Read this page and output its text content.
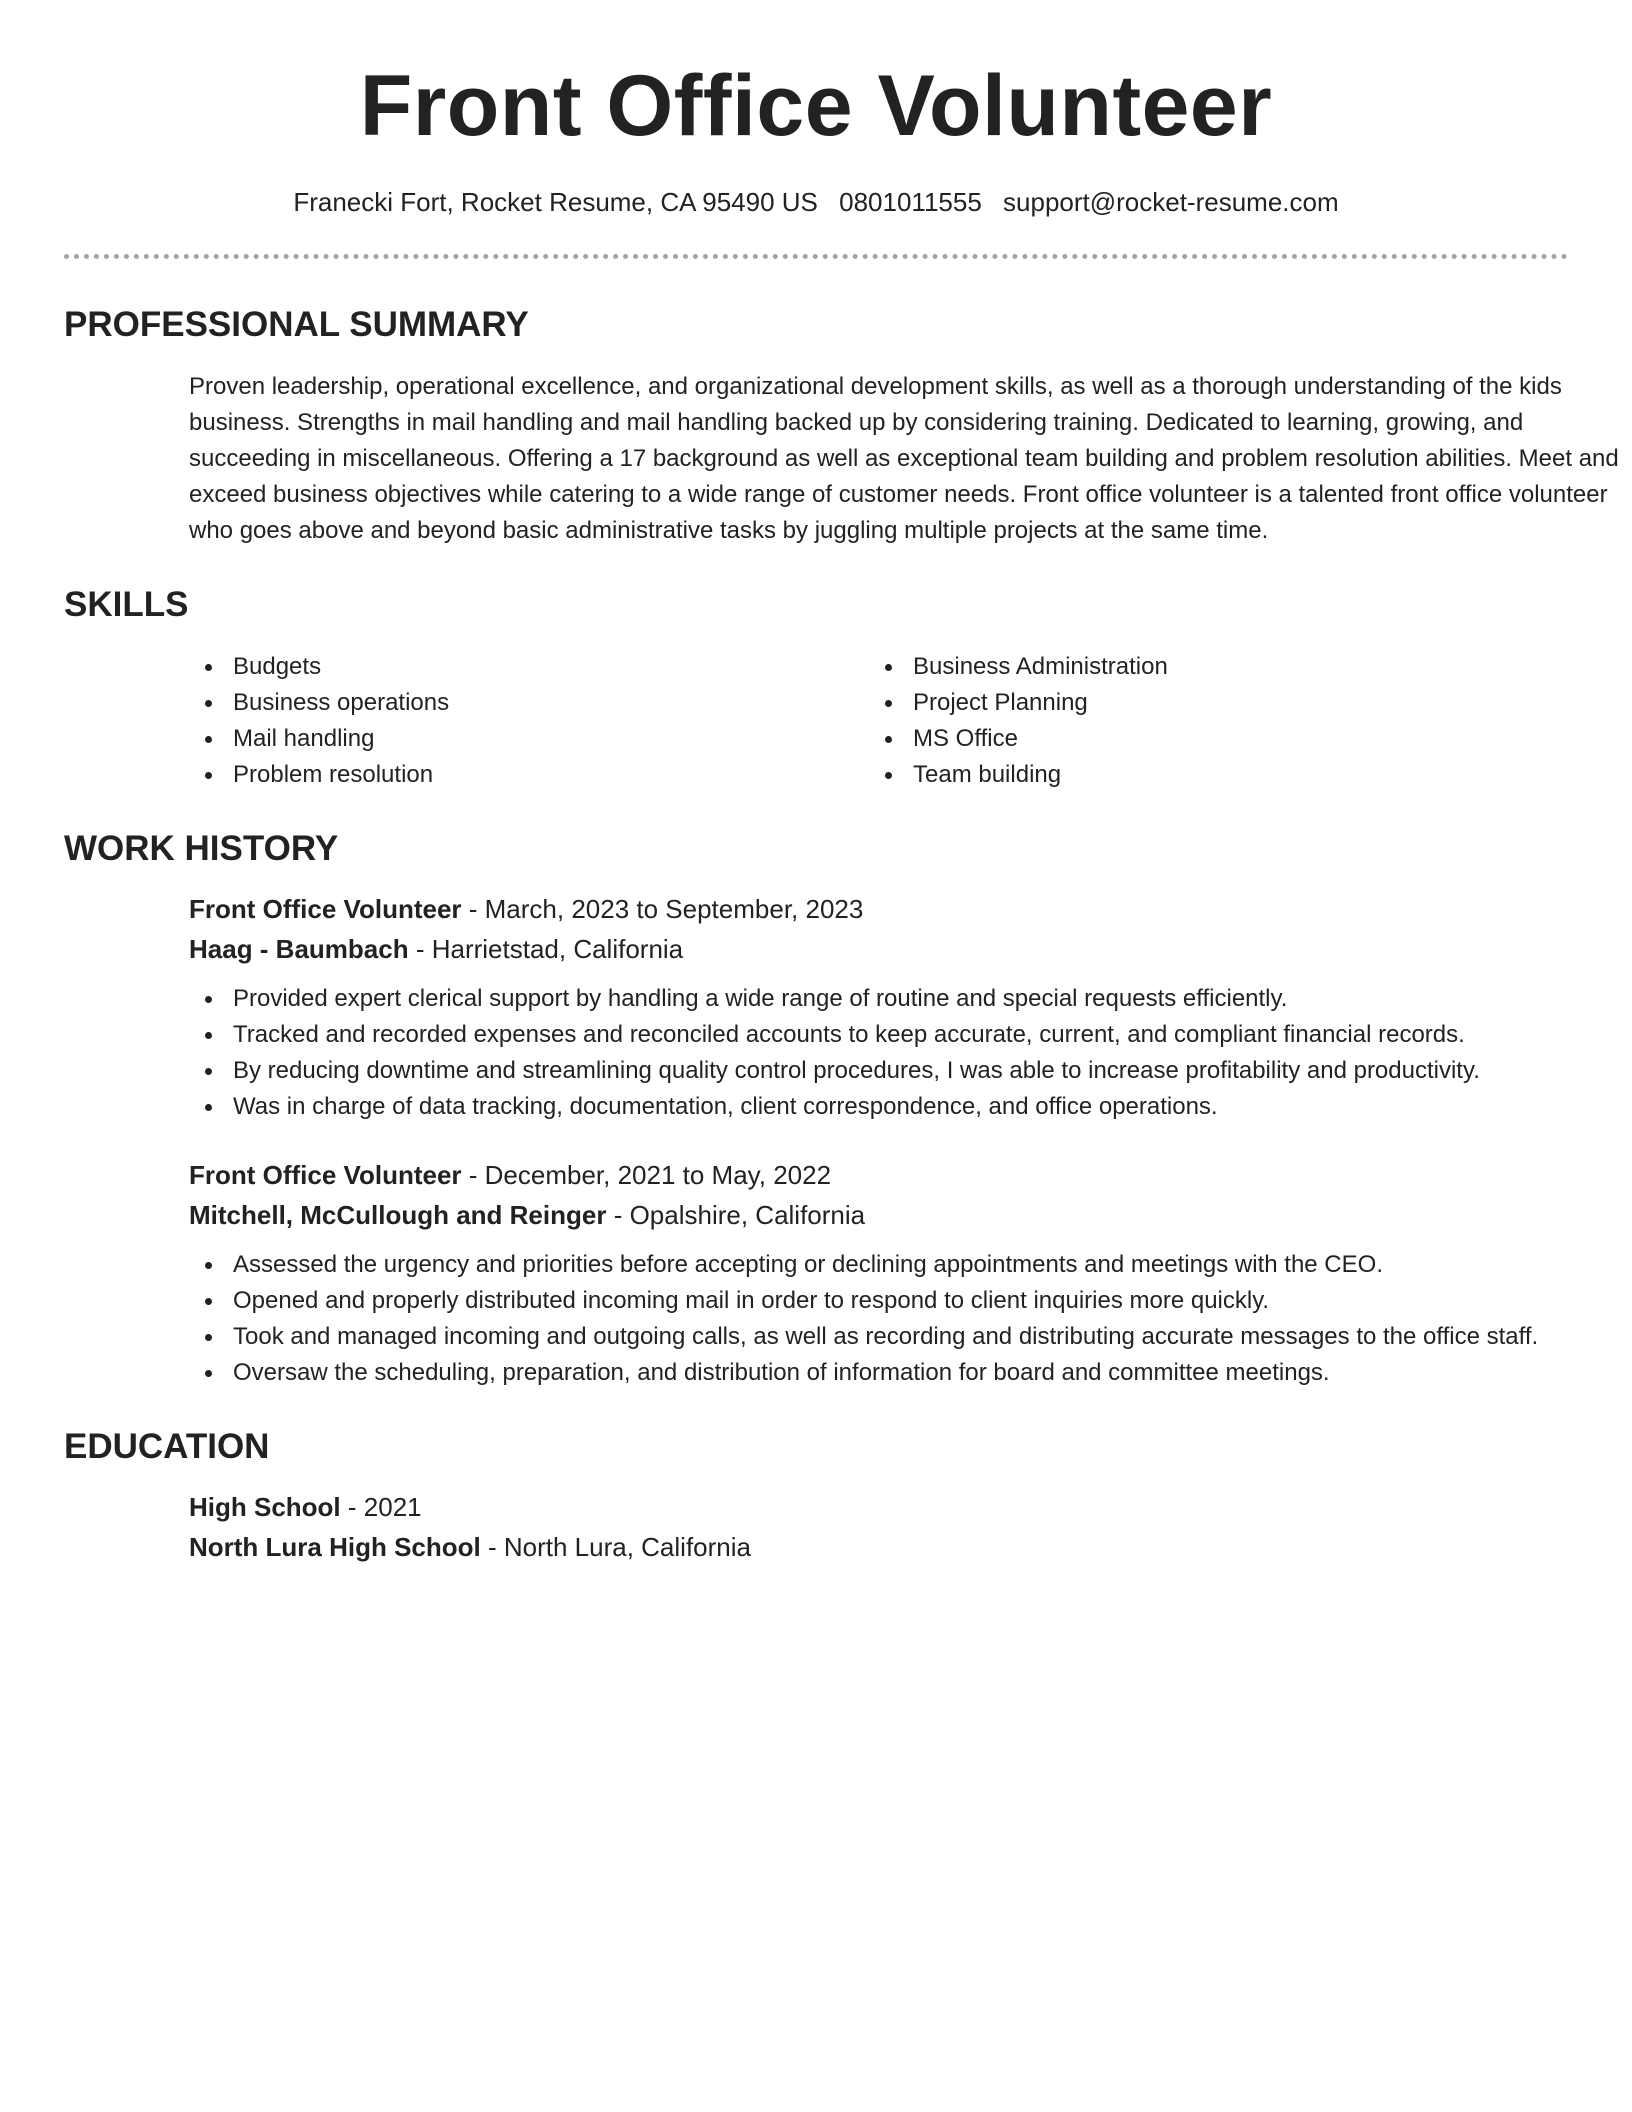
Front Office Volunteer
Franecki Fort, Rocket Resume, CA 95490 US 0801011555 support@rocket-resume.com
PROFESSIONAL SUMMARY

Proven leadership, operational excellence, and organizational development skills, as well as a thorough understanding of the kids business. Strengths in mail handling and mail handling backed up by considering training. Dedicated to learning, growing, and succeeding in miscellaneous. Offering a 17 background as well as exceptional team building and problem resolution abilities. Meet and exceed business objectives while catering to a wide range of customer needs. Front office volunteer is a talented front office volunteer who goes above and beyond basic administrative tasks by juggling multiple projects at the same time.

SKILLS
Budgets
Business operations
Mail handling
Problem resolution
Business Administration
Project Planning
MS Office
Team building
WORK HISTORY
Front Office Volunteer - March, 2023 to September, 2023
Haag - Baumbach - Harrietstad, California
Provided expert clerical support by handling a wide range of routine and special requests efficiently.
Tracked and recorded expenses and reconciled accounts to keep accurate, current, and compliant financial records.
By reducing downtime and streamlining quality control procedures, I was able to increase profitability and productivity.
Was in charge of data tracking, documentation, client correspondence, and office operations.
Front Office Volunteer - December, 2021 to May, 2022
Mitchell, McCullough and Reinger - Opalshire, California
Assessed the urgency and priorities before accepting or declining appointments and meetings with the CEO.
Opened and properly distributed incoming mail in order to respond to client inquiries more quickly.
Took and managed incoming and outgoing calls, as well as recording and distributing accurate messages to the office staff.
Oversaw the scheduling, preparation, and distribution of information for board and committee meetings.
EDUCATION
High School - 2021
North Lura High School - North Lura, California
